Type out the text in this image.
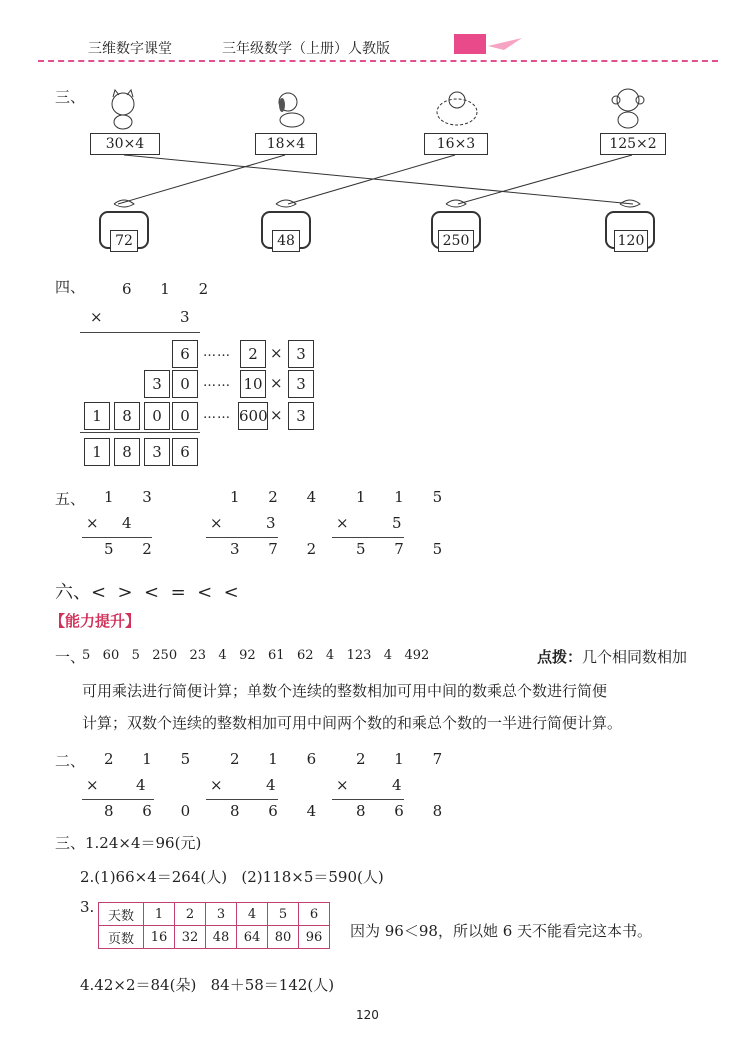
三维数字课堂	三年级数学（上册）人教版
三、
30×4	18×4	16×3	125×2
72	48	250	120
四、 6 1 2
×	3
6	……	2 × 3
3	0	…… 10 × 3
1	8	0	0	…… 600 × 3
1	8	3	6
五、 1 3
× 4
5 2
1 2 4
×	3
3 7 2
1 1 5
×	5
5 7 5
六、<  >  <  =  <  <
【能力提升】
一、
5   60   5   250   23   4   92   61   62   4   123   4   492	点拨： 几个相同数相加
可用乘法进行简便计算；单数个连续的整数相加可用中间的数乘总个数进行简便
计算；双数个连续的整数相加可用中间两个数的和乘总个数的一半进行简便计算。
二、 2 1 5
× 4
8 6 0
2 1 6
×	4
8 6 4
2 1 7
×	4
8 6 8
三、1.24×4＝96(元)
2.(1)66×4＝264(人)   (2)118×5＝590(人)
3. 天数	1	2	3	4	5	6
页数	16	32	48	64	80	96 因为 96＜98，所以她 6 天不能看完这本书。
4.42×2＝84(朵)   84＋58＝142(人)
120
